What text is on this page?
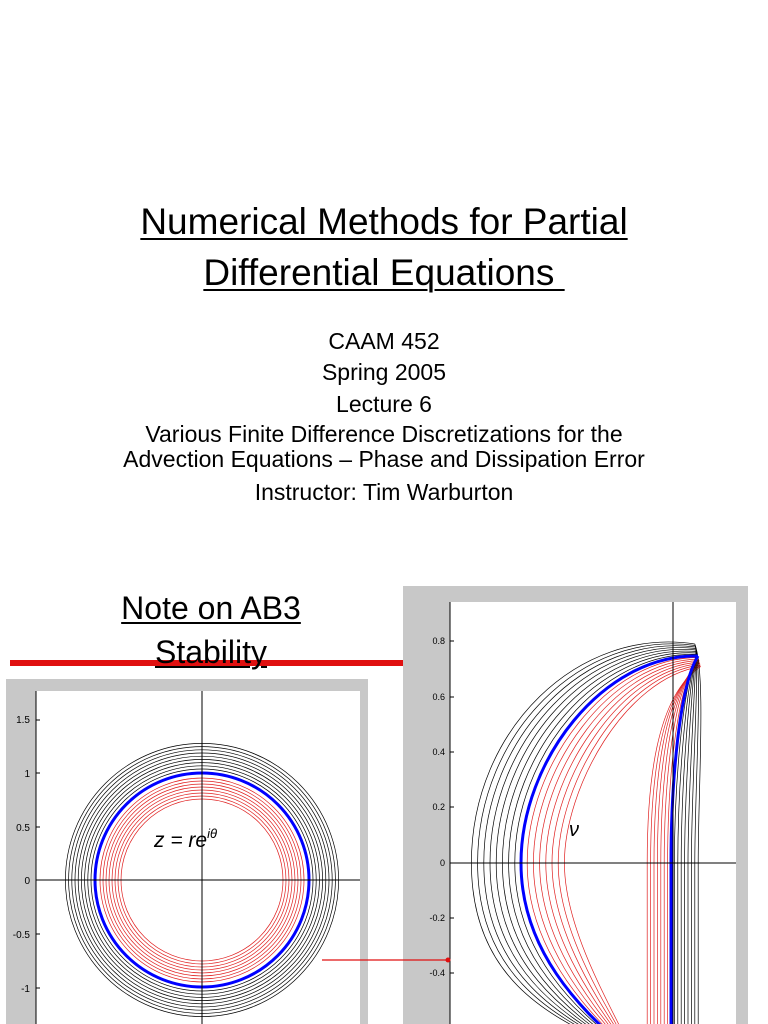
Numerical Methods for Partial
Differential Equations
CAAM 452
Spring 2005
Lecture 6
Various Finite Difference Discretizations for the
Advection Equations – Phase and Dissipation Error
Instructor: Tim Warburton
Note on AB3
Stability
1.5
1
0.5
0
-0.5
-1
$z = re^{i\theta}$
0.8
0.6
0.4
0.2
0
-0.2
-0.4
ν
